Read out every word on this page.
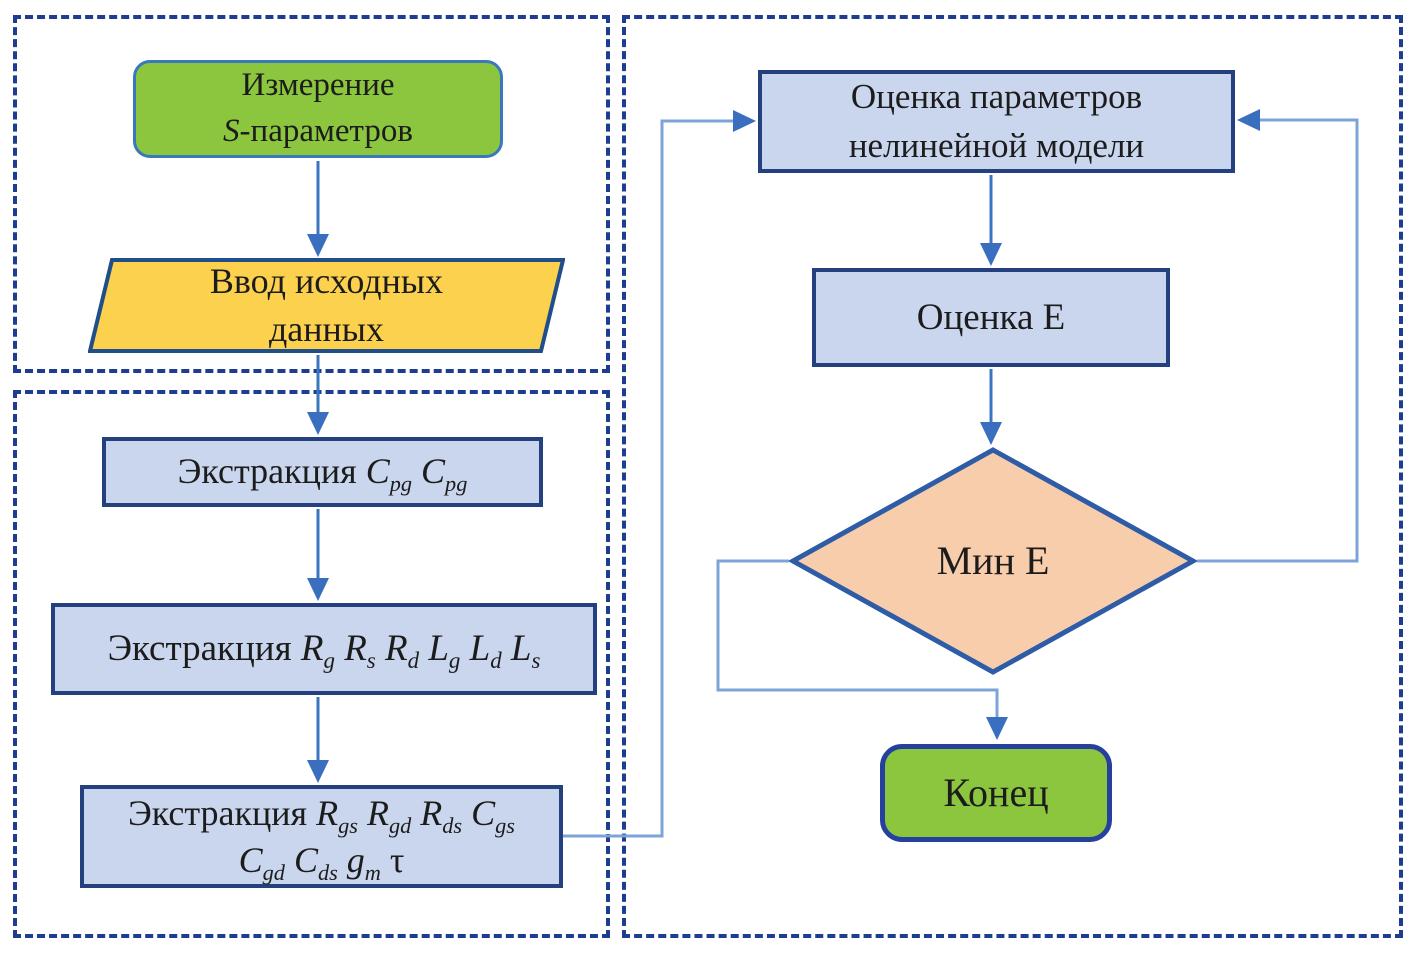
Измерение
S-параметров
Ввод исходных
данных
Экстракция $C_{pg}$ $C_{pg}$
Экстракция $R_g$ $R_s$ $R_d$ $L_g$ $L_d$ $L_s$
Экстракция $R_{gs}$ $R_{gd}$ $R_{ds}$ $C_{gs}$
$C_{gd}$ $C_{ds}$ $g_m$ τ
Оценка параметров
нелинейной модели
Оценка E
Мин E
Конец
